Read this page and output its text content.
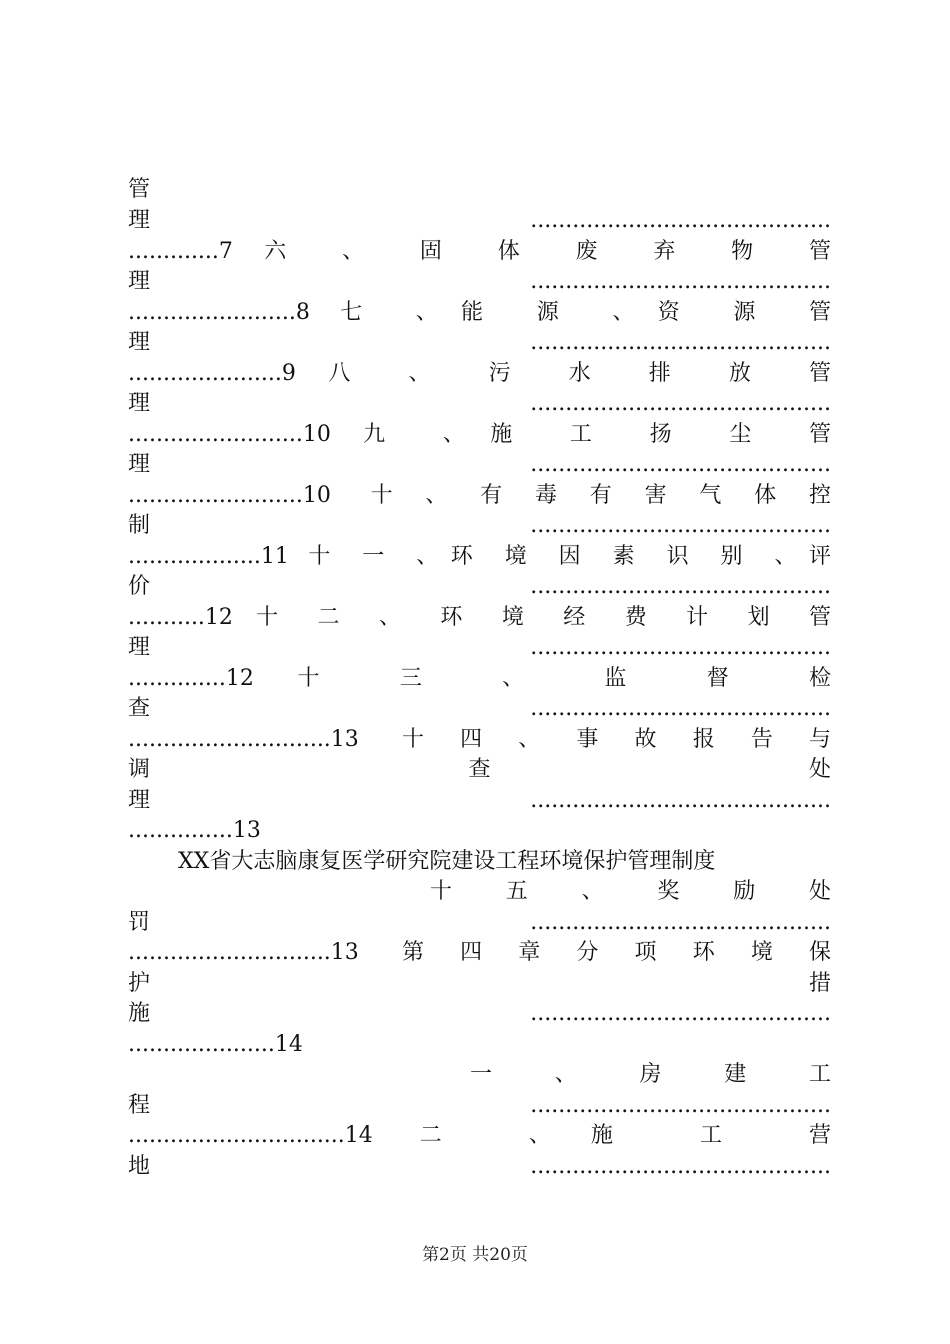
管
理...........................................
.............7 六 、 固 体 废 弃 物 管
理...........................................
........................8 七 、能 源 、资 源 管
理...........................................
......................9 八 、 污 水 排 放 管
理...........................................
.........................10 九 、施 工 扬 尘 管
理...........................................
.........................10 十、有毒有害气体控
制...........................................
...................11 十 一 、环 境 因 素 识 别 、评
价...........................................
...........12 十 二 、 环 境 经 费 计 划 管
理...........................................
..............12 十 三 、 监 督 检
查...........................................
.............................13 十四、事故报告与
调 查 处
理...........................................
...............13
XX省大志脑康复医学研究院建设工程环境保护管理制度
十 五 、 奖 励 处
罚...........................................
.............................13 第四章分项环境保
护 措
施...........................................
.....................14
一 、 房 建 工
程...........................................
...............................14 二 、施 工 营
地...........................................
第2页 共20页
